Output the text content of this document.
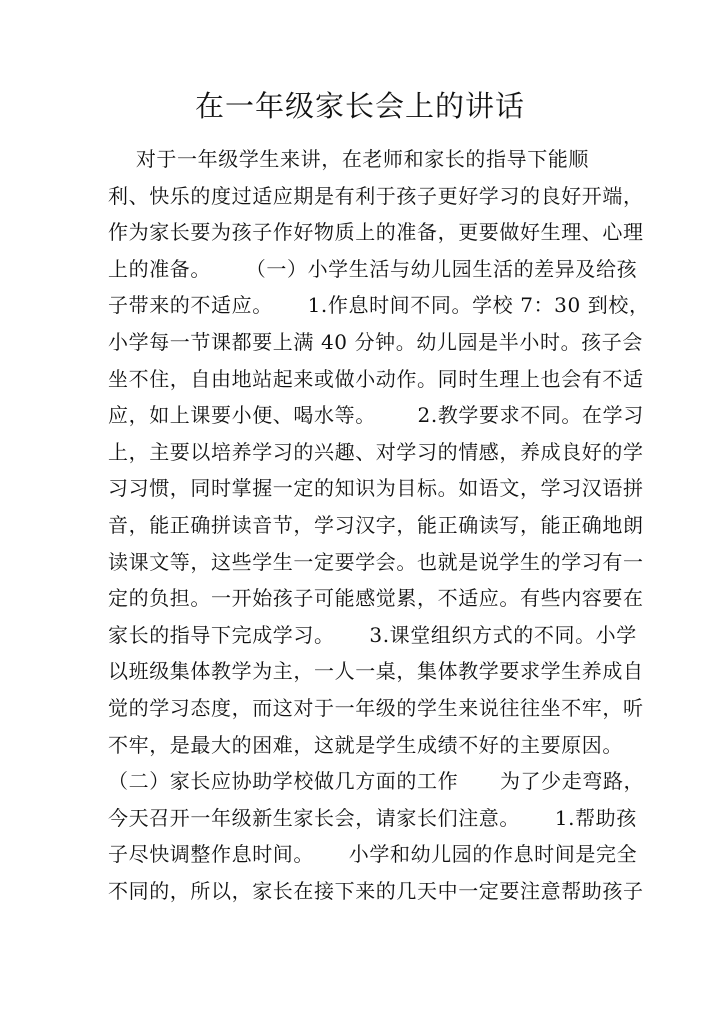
在一年级家长会上的讲话
对于一年级学生来讲，在老师和家长的指导下能顺
利、快乐的度过适应期是有利于孩子更好学习的良好开端，
作为家长要为孩子作好物质上的准备，更要做好生理、心理
上的准备。     （一）小学生活与幼儿园生活的差异及给孩
子带来的不适应。     1.作息时间不同。学校 7：30 到校，
小学每一节课都要上满 40 分钟。幼儿园是半小时。孩子会
坐不住，自由地站起来或做小动作。同时生理上也会有不适
应，如上课要小便、喝水等。      2.教学要求不同。在学习
上，主要以培养学习的兴趣、对学习的情感，养成良好的学
习习惯，同时掌握一定的知识为目标。如语文，学习汉语拼
音，能正确拼读音节，学习汉字，能正确读写，能正确地朗
读课文等，这些学生一定要学会。也就是说学生的学习有一
定的负担。一开始孩子可能感觉累，不适应。有些内容要在
家长的指导下完成学习。     3.课堂组织方式的不同。小学
以班级集体教学为主，一人一桌，集体教学要求学生养成自
觉的学习态度，而这对于一年级的学生来说往往坐不牢，听
不牢，是最大的困难，这就是学生成绩不好的主要原因。
（二）家长应协助学校做几方面的工作      为了少走弯路，
今天召开一年级新生家长会，请家长们注意。     1.帮助孩
子尽快调整作息时间。     小学和幼儿园的作息时间是完全
不同的，所以，家长在接下来的几天中一定要注意帮助孩子
